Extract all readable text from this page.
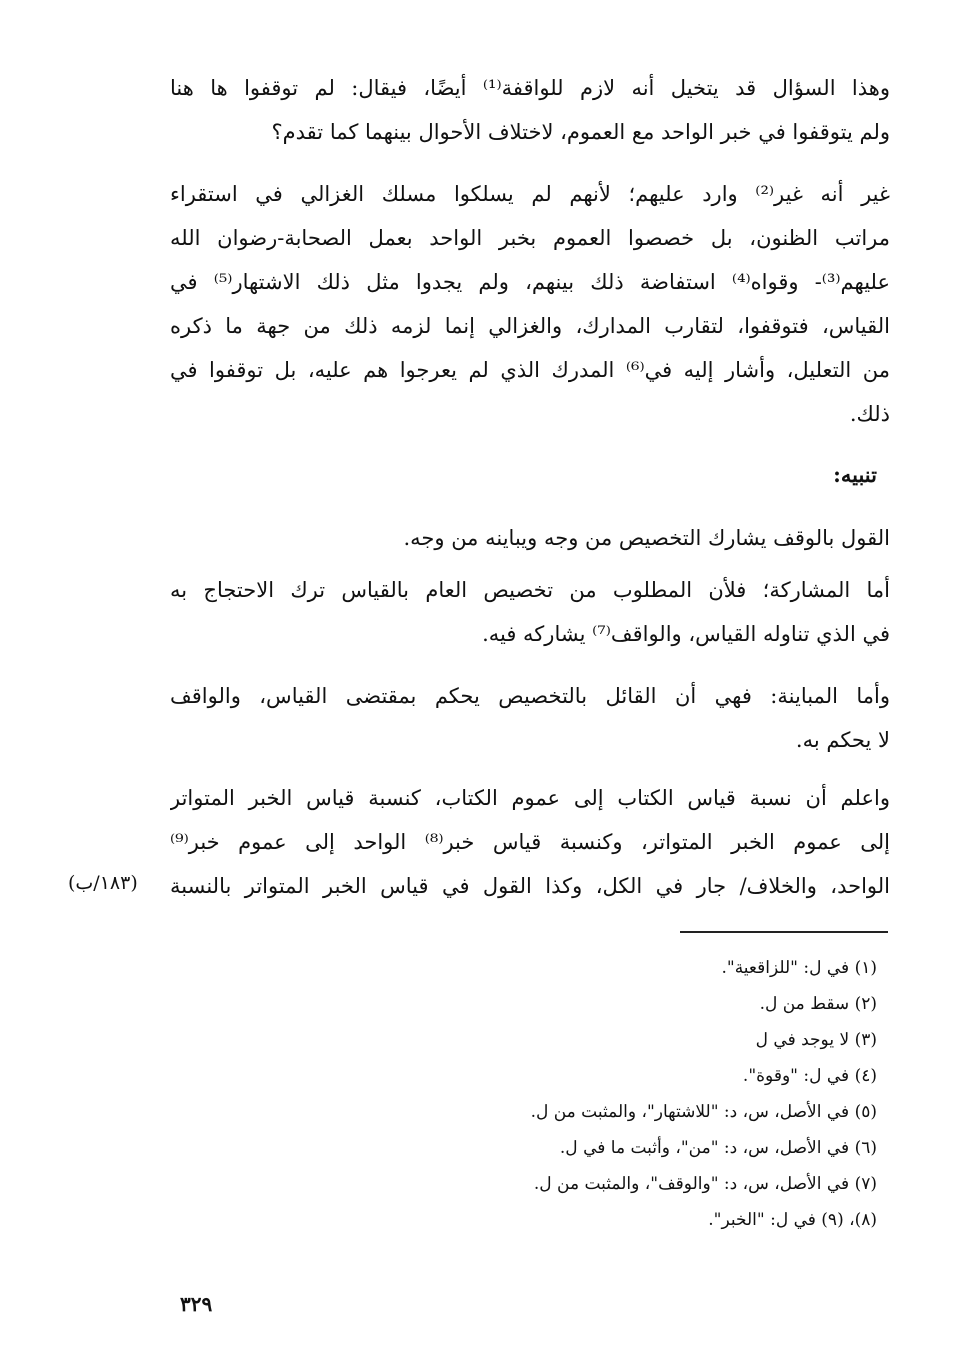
وهذا السؤال قد يتخيل أنه لازم للواقفة⁽¹⁾ أيضًا، فيقال: لم توقفوا ها هنا
ولم يتوقفوا في خبر الواحد مع العموم، لاختلاف الأحوال بينهما كما تقدم؟
غير أنه غير⁽²⁾ وارد عليهم؛ لأنهم لم يسلكوا مسلك الغزالي في استقراء
مراتب الظنون، بل خصصوا العموم بخبر الواحد بعمل الصحابة-رضوان الله
عليهم⁽³⁾- وقواه⁽⁴⁾ استفاضة ذلك بينهم، ولم يجدوا مثل ذلك الاشتهار⁽⁵⁾ في
القياس، فتوقفوا، لتقارب المدارك، والغزالي إنما لزمه ذلك من جهة ما ذكره
من التعليل، وأشار إليه في⁽⁶⁾ المدرك الذي لم يعرجوا هم عليه، بل توقفوا في
ذلك.
تنبيه:
القول بالوقف يشارك التخصيص من وجه ويباينه من وجه.
أما المشاركة؛ فلأن المطلوب من تخصيص العام بالقياس ترك الاحتجاج به
في الذي تناوله القياس، والواقف⁽⁷⁾ يشاركه فيه.
وأما المباينة: فهي أن القائل بالتخصيص يحكم بمقتضى القياس، والواقف
لا يحكم به.
واعلم أن نسبة قياس الكتاب إلى عموم الكتاب، كنسبة قياس الخبر المتواتر
إلى عموم الخبر المتواتر، وكنسبة قياس خبر⁽⁸⁾ الواحد إلى عموم خبر⁽⁹⁾
الواحد، والخلاف/ جار في الكل، وكذا القول في قياس الخبر المتواتر بالنسبة
(١٨٣/ب)
(١) في ل: "للزاقعية".
(٢) سقط من ل.
(٣) لا يوجد في ل
(٤) في ل: "وقوة".
(٥) في الأصل، س، د: "للاشتهار"، والمثبت من ل.
(٦) في الأصل، س، د: "من"، وأثبت ما في ل.
(٧) في الأصل، س، د: "والوقف"، والمثبت من ل.
(٨)، (٩) في ل: "الخبر".
٣٢٩
